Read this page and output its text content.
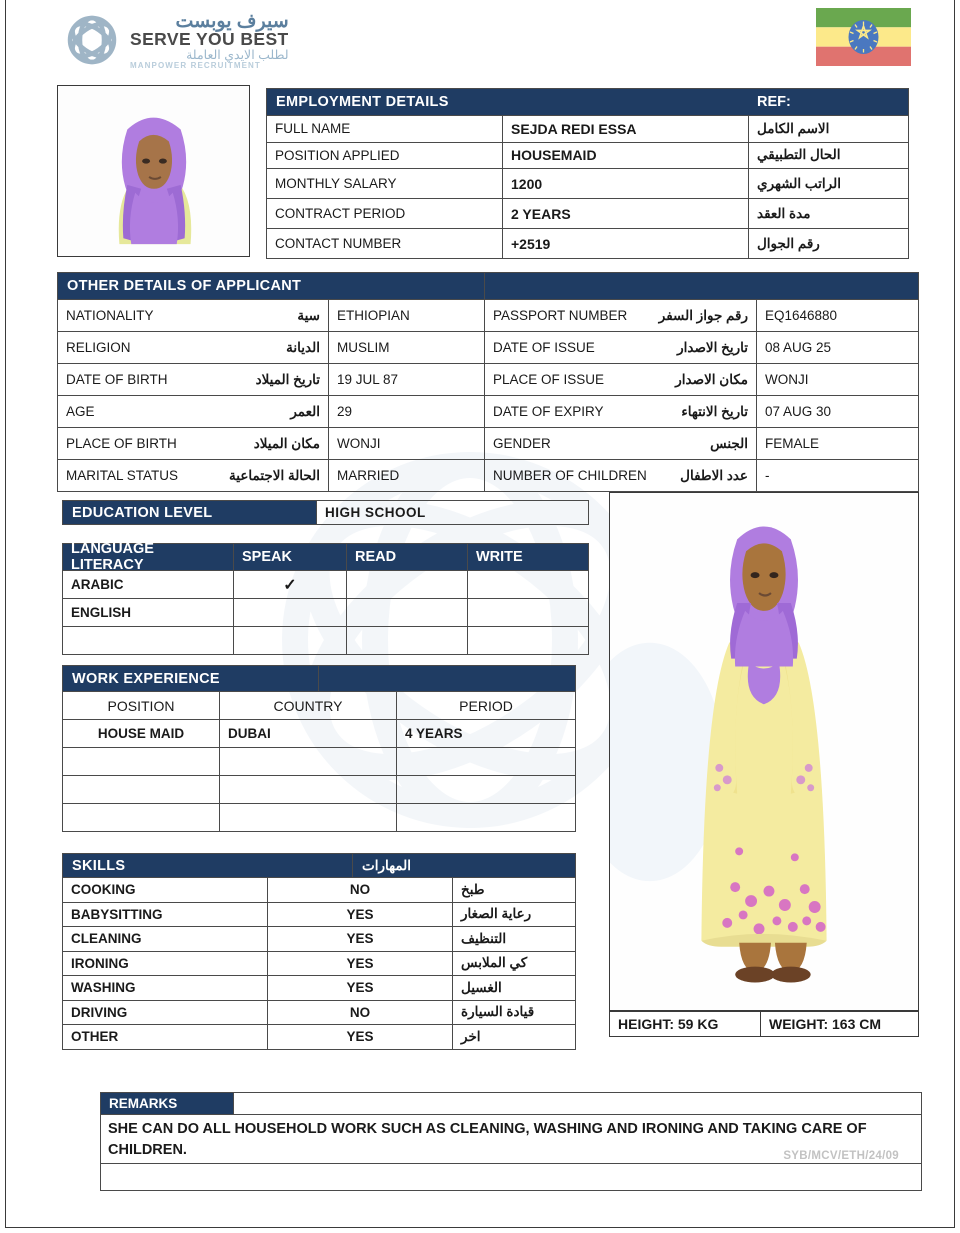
سيرف يوبست
SERVE YOU BEST
لطلب الايدي العاملة
MANPOWER RECRUITMENT
EMPLOYMENT DETAILS	REF:
FULL NAME	SEJDA REDI ESSA	الاسم الكامل
POSITION APPLIED	HOUSEMAID	الحال التطبيقي
MONTHLY SALARY	1200	الراتب الشهري
CONTRACT PERIOD	2 YEARS	مدة العقد
CONTACT NUMBER	+2519	رقم الجوال
OTHER DETAILS OF APPLICANT
NATIONALITY	سية	ETHIOPIAN	PASSPORT NUMBER	رقم جواز السفر	EQ1646880
RELIGION	الديانة	MUSLIM	DATE OF ISSUE	تاريخ الاصدار	08 AUG 25
DATE OF BIRTH	تاريخ الميلاد	19 JUL 87	PLACE OF ISSUE	مكان الاصدار	WONJI
AGE	العمر	29	DATE OF EXPIRY	تاريخ الانتهاء	07 AUG 30
PLACE OF BIRTH	مكان الميلاد	WONJI	GENDER	الجنس	FEMALE
MARITAL STATUS	الحالة الاجتماعية	MARRIED	NUMBER OF CHILDREN	عدد الاطفال	-
EDUCATION LEVEL	HIGH SCHOOL
LANGUAGE LITERACY	SPEAK	READ	WRITE
ARABIC	✓
ENGLISH
WORK EXPERIENCE
POSITION	COUNTRY	PERIOD
HOUSE MAID	DUBAI	4 YEARS
SKILLS	المهارات
COOKING	NO	طبخ
BABYSITTING	YES	رعاية الصغار
CLEANING	YES	التنظيف
IRONING	YES	كي الملابس
WASHING	YES	الغسيل
DRIVING	NO	قيادة السيارة
OTHER	YES	اخر
HEIGHT: 59 KG	WEIGHT: 163 CM
REMARKS
SHE CAN DO ALL HOUSEHOLD WORK SUCH AS CLEANING, WASHING AND IRONING AND TAKING CARE OF CHILDREN.	SYB/MCV/ETH/24/09
